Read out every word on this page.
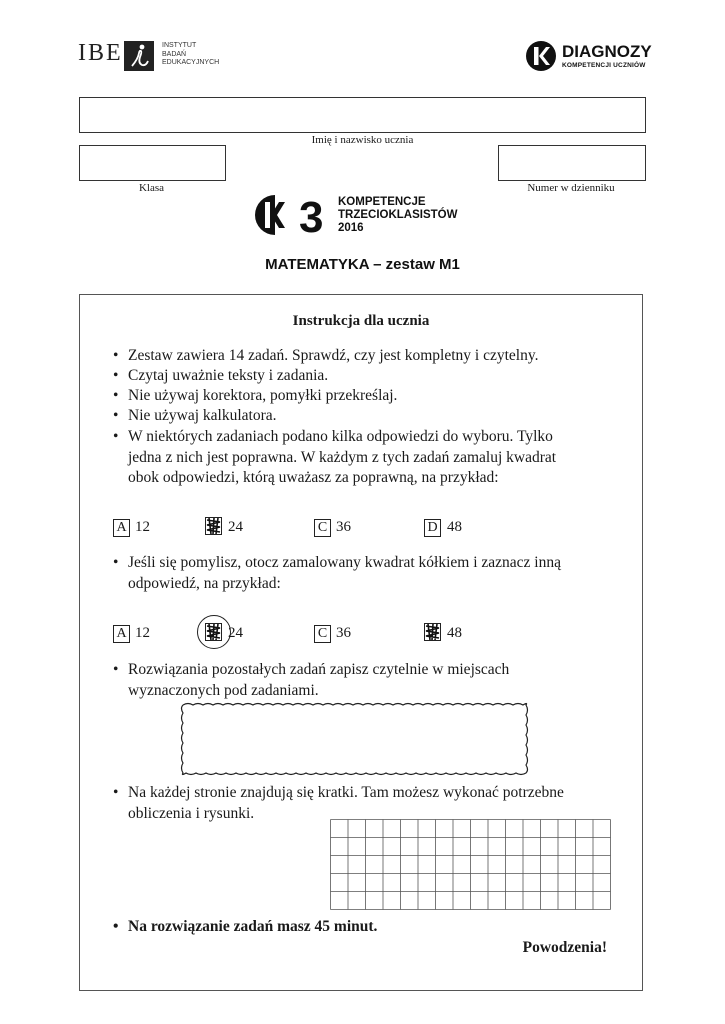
IBE	INSTYTUT
BADAŃ
EDUKACYJNYCH
DIAGNOZY
KOMPETENCJI UCZNIÓW
Imię i nazwisko ucznia
Klasa	Numer w dzienniku
3 KOMPETENCJE
TRZECIOKLASISTÓW
2016
MATEMATYKA – zestaw M1
Instrukcja dla ucznia
• Zestaw zawiera 14 zadań. Sprawdź, czy jest kompletny i czytelny.
• Czytaj uważnie teksty i zadania.
• Nie używaj korektora, pomyłki przekreślaj.
• Nie używaj kalkulatora.
• W niektórych zadaniach podano kilka odpowiedzi do wyboru. Tylko
jedna z nich jest poprawna. W każdym z tych zadań zamaluj kwadrat
obok odpowiedzi, którą uważasz za poprawną, na przykład:
A 12	24	C 36	D 48
• Jeśli się pomylisz, otocz zamalowany kwadrat kółkiem i zaznacz inną
odpowiedź, na przykład:
A 12	24	C 36	48
• Rozwiązania pozostałych zadań zapisz czytelnie w miejscach
wyznaczonych pod zadaniami.
• Na każdej stronie znajdują się kratki. Tam możesz wykonać potrzebne
obliczenia i rysunki.
• Na rozwiązanie zadań masz 45 minut.
Powodzenia!
